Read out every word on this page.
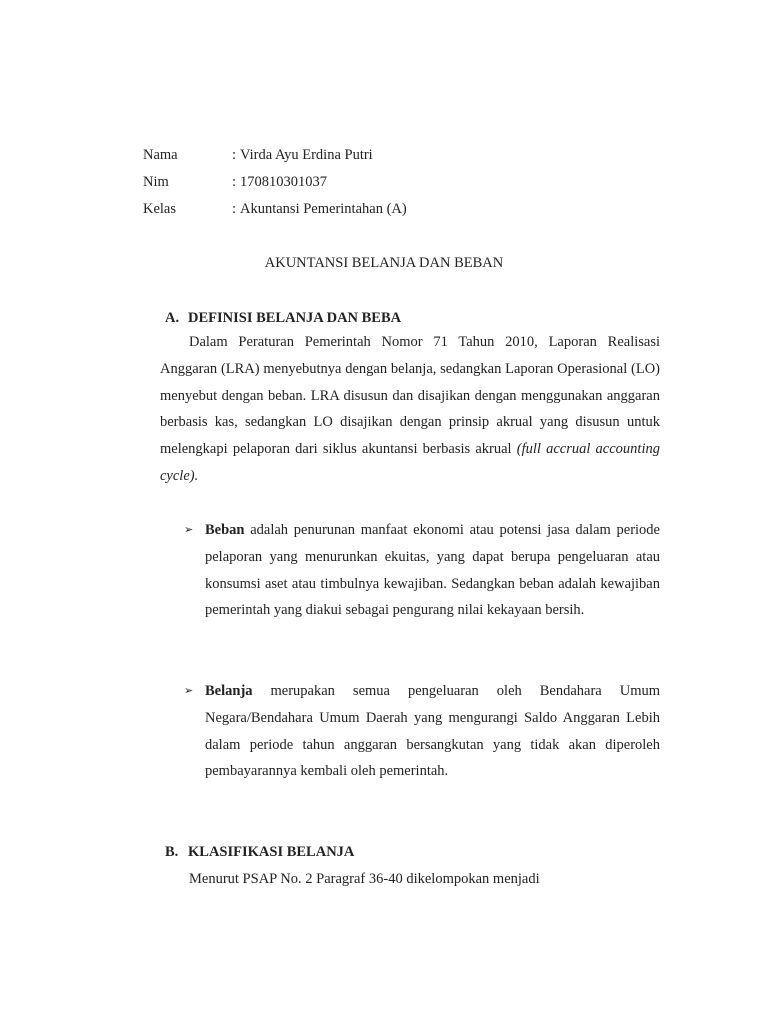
Nama	: Virda Ayu Erdina Putri
Nim	: 170810301037
Kelas	: Akuntansi Pemerintahan (A)
AKUNTANSI BELANJA DAN BEBAN
A. DEFINISI BELANJA DAN BEBA
Dalam Peraturan Pemerintah Nomor 71 Tahun 2010, Laporan Realisasi Anggaran (LRA) menyebutnya dengan belanja, sedangkan Laporan Operasional (LO) menyebut dengan beban. LRA disusun dan disajikan dengan menggunakan anggaran berbasis kas, sedangkan LO disajikan dengan prinsip akrual yang disusun untuk melengkapi pelaporan dari siklus akuntansi berbasis akrual (full accrual accounting cycle).
➢ Beban adalah penurunan manfaat ekonomi atau potensi jasa dalam periode pelaporan yang menurunkan ekuitas, yang dapat berupa pengeluaran atau konsumsi aset atau timbulnya kewajiban. Sedangkan beban adalah kewajiban pemerintah yang diakui sebagai pengurang nilai kekayaan bersih.
➢ Belanja merupakan semua pengeluaran oleh Bendahara Umum Negara/Bendahara Umum Daerah yang mengurangi Saldo Anggaran Lebih dalam periode tahun anggaran bersangkutan yang tidak akan diperoleh pembayarannya kembali oleh pemerintah.
B. KLASIFIKASI BELANJA
Menurut PSAP No. 2 Paragraf 36-40 dikelompokan menjadi
